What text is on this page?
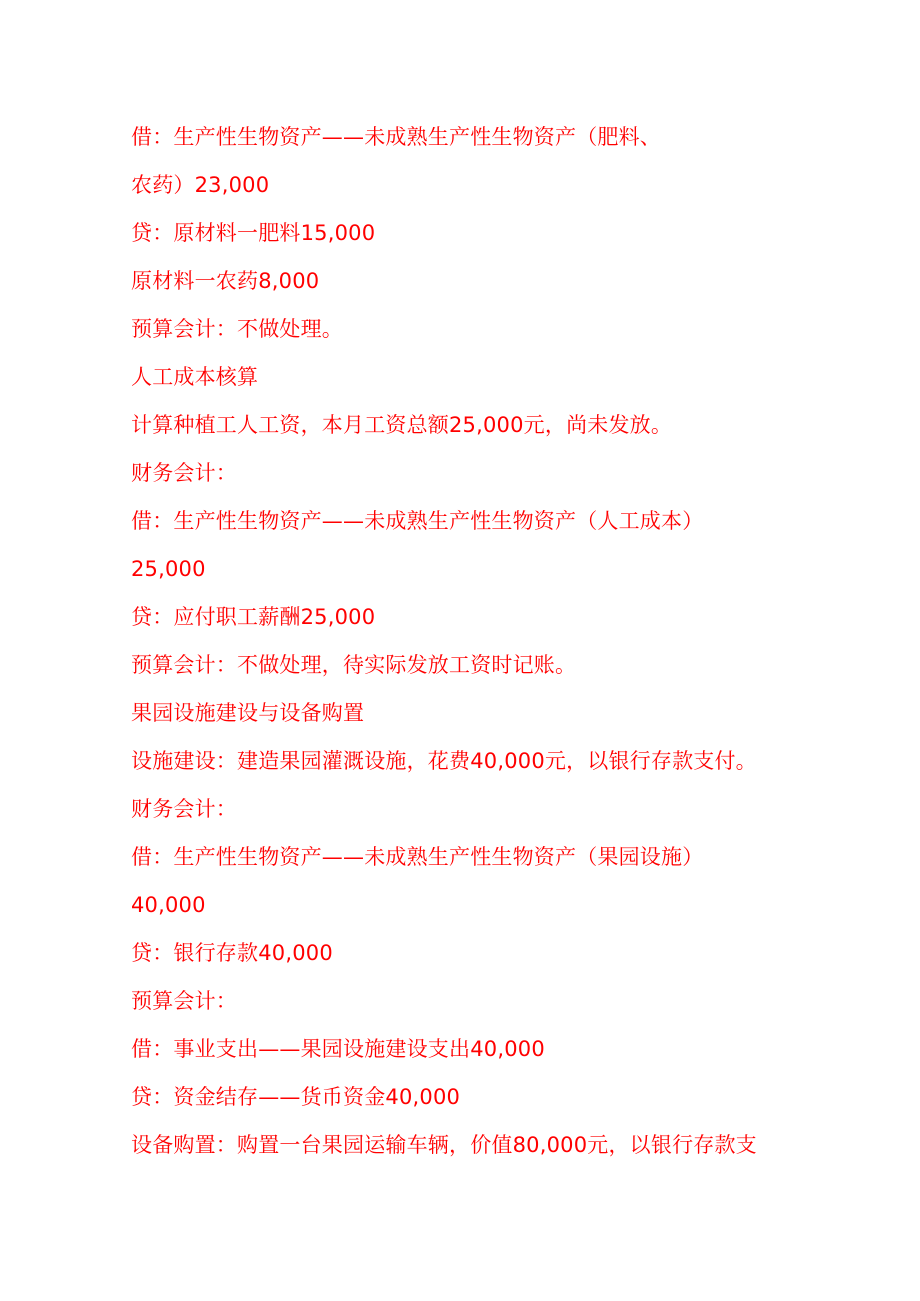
借：生产性生物资产——未成熟生产性生物资产（肥料、
农药）23,000
贷：原材料一肥料15,000
原材料一农药8,000
预算会计：不做处理。
人工成本核算
计算种植工人工资，本月工资总额25,000元，尚未发放。
财务会计：
借：生产性生物资产——未成熟生产性生物资产（人工成本）
25,000
贷：应付职工薪酬25,000
预算会计：不做处理，待实际发放工资时记账。
果园设施建设与设备购置
设施建设：建造果园灌溉设施，花费40,000元，以银行存款支付。
财务会计：
借：生产性生物资产——未成熟生产性生物资产（果园设施）
40,000
贷：银行存款40,000
预算会计：
借：事业支出——果园设施建设支出40,000
贷：资金结存——货币资金40,000
设备购置：购置一台果园运输车辆，价值80,000元，以银行存款支
